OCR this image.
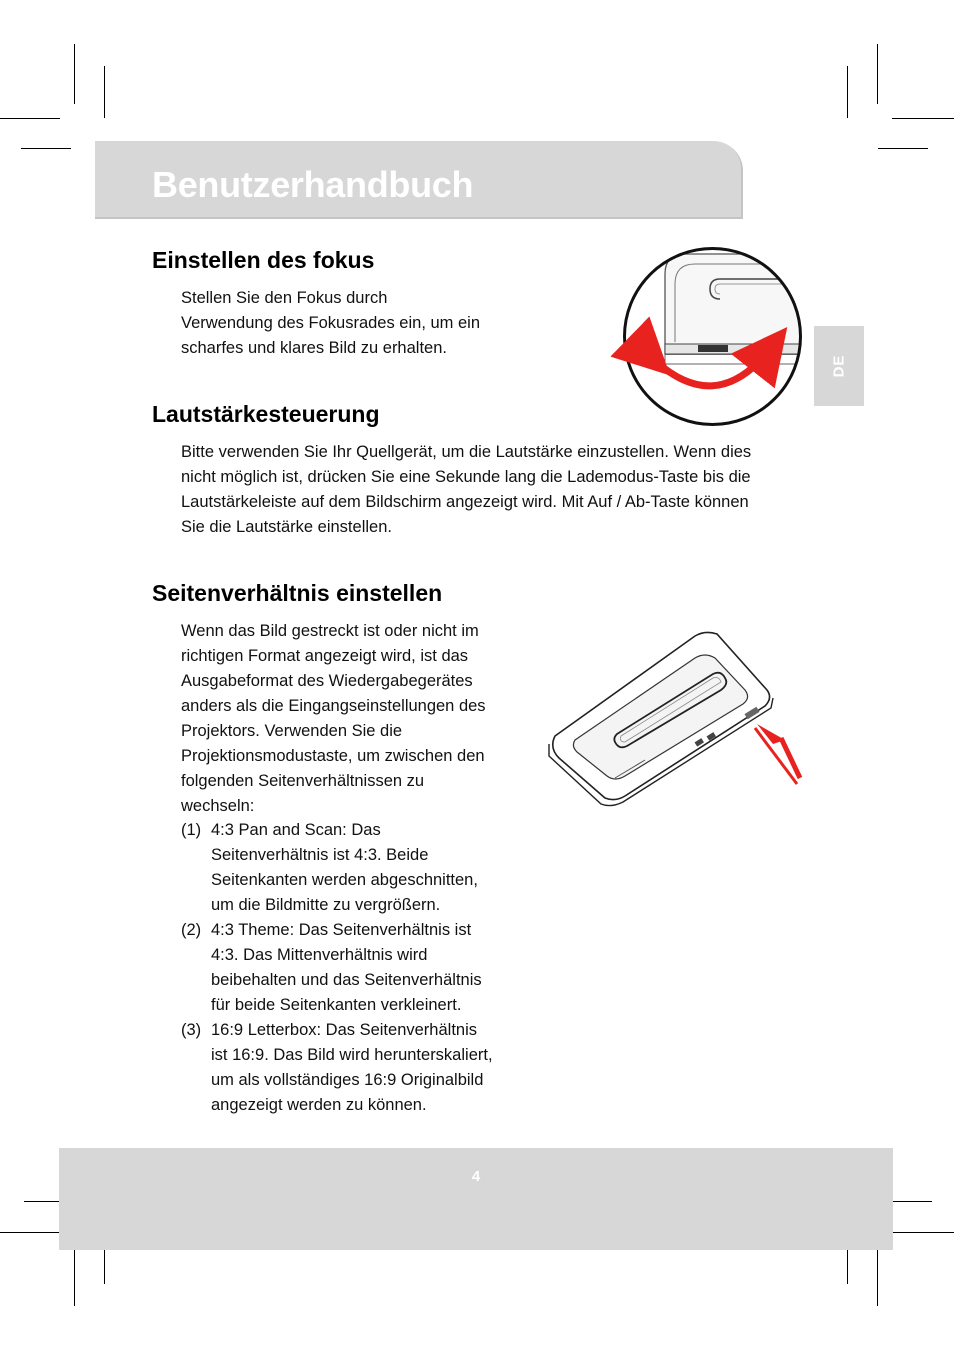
Benutzerhandbuch
DE
Einstellen des fokus
Stellen Sie den Fokus durch
Verwendung des Fokusrades ein, um ein
scharfes und klares Bild zu erhalten.
Lautstärkesteuerung
Bitte verwenden Sie Ihr Quellgerät, um die Lautstärke einzustellen. Wenn dies
nicht möglich ist, drücken Sie eine Sekunde lang die Lademodus-Taste bis die
Lautstärkeleiste auf dem Bildschirm angezeigt wird. Mit Auf / Ab-Taste können
Sie die Lautstärke einstellen.
Seitenverhältnis einstellen
Wenn das Bild gestreckt ist oder nicht im
richtigen Format angezeigt wird, ist das
Ausgabeformat des Wiedergabegerätes
anders als die Eingangseinstellungen des
Projektors. Verwenden Sie die
Projektionsmodustaste, um zwischen den
folgenden Seitenverhältnissen zu
wechseln:
(1) 4:3 Pan and Scan: Das
Seitenverhältnis ist 4:3. Beide
Seitenkanten werden abgeschnitten,
um die Bildmitte zu vergrößern.
(2) 4:3 Theme: Das Seitenverhältnis ist
4:3. Das Mittenverhältnis wird
beibehalten und das Seitenverhältnis
für beide Seitenkanten verkleinert.
(3) 16:9 Letterbox: Das Seitenverhältnis
ist 16:9. Das Bild wird herunterskaliert,
um als vollständiges 16:9 Originalbild
angezeigt werden zu können.
4
